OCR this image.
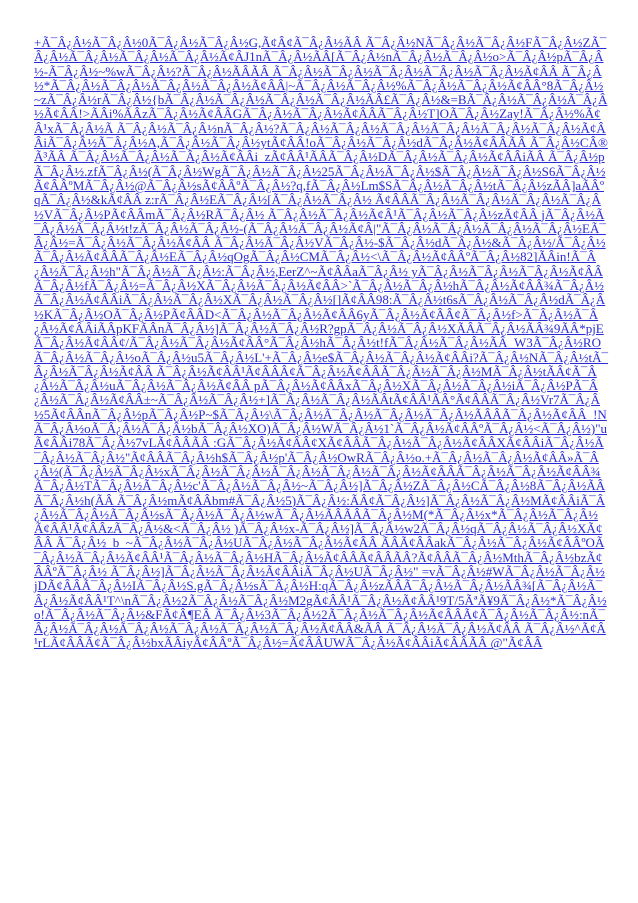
+Ã¯Â¿Â½Ã¯Â¿Â½0Ã¯Â¿Â½Ã¯Â¿Â½G,Ã¢Â¢Ã¯Â¿Â½ÃÂ Ã¯Â¿Â½NÃ¯Â¿Â½Ã¯Â¿Â½FÃ¯Â¿Â½ZÃ¯Â¿Â½Ã¯Â¿Â½Ã¯Â¿Â½Ã¯Â¿Â½Ã¢ÂJ1nÃ¯Â¿Â½ÃÂ[Ã¯Â¿Â½nÃ¯Â¿Â½Ã¯Â¿Â½o>Ã¯Â¿Â½pÃ¯Â¿Â½-Ã¯Â¿Â½~%wÃ¯Â¿Â½?Ã¯Â¿Â½ÃÂÃÂ Ã¯Â¿Â½Ã¯Â¿Â½Ã¯Â¿Â½Ã¯Â¿Â½Ã¯Â¿Â½Ã¢ÂÂ Ã¯Â¿Â½*Ã¯Â¿Â½Ã¯Â¿Â½Ã¯Â¿Â½Ã¯Â¿Â½Ã¢ÂÂ|~Ã¯Â¿Â½Ã¯Â¿Â½%Ã¯Â¿Â½Ã¯Â¿Â½Ã¢ÂÂ°8Ã¯Â¿Â½~zÃ¯Â¿Â½rÃ¯Â¿Â½{bÃ¯Â¿Â½Ã¯Â¿Â½Ã¯Â¿Â½Ã¯Â¿Â½ÃÂ£Ã¯Â¿Â½&=BÃ¯Â¿Â½Ã¯Â¿Â½Ã¯Â¿Â½Ã¢ÂÂ!>ÃÂi%ÃÂzÃ¯Â¿Â½Ã¢ÂÂGÃ¯Â¿Â½Ã¯Â¿Â½Ã¢ÂÂÃ¯Â¿Â½T]OÃ¯Â¿Â½Zay!Ã¯Â¿Â½%Ã¢Â¹xÃ¯Â¿Â½Ã Ã¯Â¿Â½Ã¯Â¿Â½nÃ¯Â¿Â½?Ã¯Â¿Â½Ã¯Â¿Â½Ã¯Â¿Â½Ã¯Â¿Â½Ã¯Â¿Â½Ã¯Â¿Â½Ã¢ÂÂiÃ¯Â¿Â½Ã¯Â¿Â½A,Ã¯Â¿Â½Ã¯Â¿Â½ytÃ¢ÂÂ!oÃ¯Â¿Â½Ã¯Â¿Â½dÃ¯Â¿Â½Ã¢ÂÂÃÂ Ã¯Â¿Â½CÂ®Ã³ÃÂ Ã¯Â¿Â½Ã¯Â¿Â½Ã¯Â¿Â½Ã¢ÂÂi_zÃ¢ÂÂ¹ÃÂÃ¯Â¿Â½DÃ¯Â¿Â½Ã¯Â¿Â½Ã¢ÂÂiÃÂ Ã¯Â¿Â½pÃ¯Â¿Â½.zfÃ¯Â¿Â½(Ã¯Â¿Â½WgÃ¯Â¿Â½Ã¯Â¿Â½25Ã¯Â¿Â½Ã¯Â¿Â½$Ã¯Â¿Â½Ã¯Â¿Â½S6Ã¯Â¿Â½Ã¢ÂÂºMÃ¯Â¿Â½@Ã¯Â¿Â½sÃ¢ÂÂºÃ¯Â¿Â½?q,fÃ¯Â¿Â½Lm$SÃ¯Â¿Â½Ã¯Â¿Â½tÃ¯Â¿Â½zÃÂ]aÃÂºqÃ¯Â¿Â½&kÃ¢ÂÂ z:rÃ¯Â¿Â½EÃ¯Â¿Â½[Ã¯Â¿Â½Ã¯Â¿Â½ Ã¢ÂÂÃ¯Â¿Â½Ã¯Â¿Â½Ã¯Â¿Â½Ã¯Â¿Â½VÃ¯Â¿Â½PÃ¢ÂÂmÃ¯Â¿Â½RÃ¯Â¿Â½ Ã¯Â¿Â½Ã¯Â¿Â½Ã¢Â¹Ã¯Â¿Â½Ã¯Â¿Â½zÃ¢ÂÂ jÃ¯Â¿Â½Ã¯Â¿Â½Ã¯Â¿Â½t!zÃ¯Â¿Â½Ã¯Â¿Â½-(Ã¯Â¿Â½Ã¯Â¿Â½Ã¢Â|"Ã¯Â¿Â½Ã¯Â¿Â½Ã¯Â¿Â½Ã¯Â¿Â½EÃ¯Â¿Â½=Ã¯Â¿Â½Ã¯Â¿Â½Ã¢ÂÂ Ã¯Â¿Â½Ã¯Â¿Â½VÃ¯Â¿Â½-$Ã¯Â¿Â½dÃ¯Â¿Â½&Ã¯Â¿Â½/Ã¯Â¿Â½Ã¯Â¿Â½Ã¢ÂÂÃ¯Â¿Â½EÃ¯Â¿Â½qOgÃ¯Â¿Â½CMÃ¯Â¿Â½<\Ã¯Â¿Â½Ã¢ÂÂºÃ¯Â¿Â½82]ÃÂin!Ã¯Â¿Â½Ã¯Â¿Â½h"Ã¯Â¿Â½Ã¯Â¿Â½:Ã¯Â¿Â½,EerZ^~Ã¢ÂÂaÃ¯Â¿Â½ yÃ¯Â¿Â½Ã¯Â¿Â½Ã¯Â¿Â½Ã¢ÂÂÃ¯Â¿Â½fÃ¯Â¿Â½=Ã¯Â¿Â½XÃ¯Â¿Â½Ã¯Â¿Â½Ã¢ÂÂ>`Ã¯Â¿Â½Ã¯Â¿Â½hÃ¯Â¿Â½Ã¢ÂÂ¾Ã¯Â¿Â½Ã¯Â¿Â½Ã¢ÂÂiÃ¯Â¿Â½Ã¯Â¿Â½XÃ¯Â¿Â½Ã¯Â¿Â½[]Ã¢ÂÂ98:Ã¯Â¿Â½t6sÃ¯Â¿Â½Ã¯Â¿Â½dÃ¯Â¿Â½KÃ¯Â¿Â½OÃ¯Â¿Â½PÃ¢ÂÂD<Ã¯Â¿Â½Ã¯Â¿Â½Ã¢ÂÂ6yÃ¯Â¿Â½Ã¢ÂÂ¢Ã¯Â¿Â½f>Ã¯Â¿Â½Ã¯Â¿Â½Ã¢ÂÂiÃÂpKFÃÂnÃ¯Â¿Â½]Ã¯Â¿Â½Ã¯Â¿Â½R?gpÃ¯Â¿Â½Ã¯Â¿Â½XÃÂÃ¯Â¿Â½ÃÂ¾9ÃÂ*pjEÃ¯Â¿Â½Ã¢ÂÂ¢/Ã¯Â¿Â½Ã¯Â¿Â½Ã¢ÂÂ°Ã¯Â¿Â½hÃ¯Â¿Â½t!fÃ¯Â¿Â½Ã¯Â¿Â½ÃÂ_W3Ã¯Â¿Â½ROÃ¯Â¿Â½Ã¯Â¿Â½oÃ¯Â¿Â½u5Ã¯Â¿Â½L'+Ã¯Â¿Â½e$Ã¯Â¿Â½Ã¯Â¿Â½Ã¢ÂÂi?Ã¯Â¿Â½NÃ¯Â¿Â½tÃ¯Â¿Â½Ã¯Â¿Â½Ã¢ÂÂ Ã¯Â¿Â½Ã¢ÂÂ¹Ã¢ÂÂÂ¢Ã¯Â¿Â½Ã¢ÂÂÃ¯Â¿Â½Ã¯Â¿Â½MÃ¯Â¿Â½tÃÂ¢Ã¯Â¿Â½Ã¯Â¿Â½uÃ¯Â¿Â½Ã¯Â¿Â½Ã¢ÂÂ pÃ¯Â¿Â½Ã¢ÂÂxÃ¯Â¿Â½XÃ¯Â¿Â½Ã¯Â¿Â½iÃ¯Â¿Â½PÃ¯Â¿Â½Ã¯Â¿Â½Ã¢ÂÂ±~Ã¯Â¿Â½Ã¯Â¿Â½+]Ã¯Â¿Â½Ã¯Â¿Â½ÃÂtÃ¢ÂÂ¹ÃÂ°Ã¢ÂÂÃ¯Â¿Â½Vr7Ã¯Â¿Â½5Ã¢ÂÂnÃ¯Â¿Â½pÃ¯Â¿Â½P~$Ã¯Â¿Â½\Ã¯Â¿Â½Ã¯Â¿Â½Ã¯Â¿Â½Ã¯Â¿Â½ÃÂÂÃ¯Â¿Â½Ã¢ÂÂ_!NÃ¯Â¿Â½oÃ¯Â¿Â½Ã¯Â¿Â½bÃ¯Â¿Â½XO)Ã¯Â¿Â½WÃ¯Â¿Â½1`Ã¯Â¿Â½Ã¢ÂÂºÃ¯Â¿Â½<Ã¯Â¿Â½)"uÃ¢ÂÂi78Ã¯Â¿Â½7vLÃ¢ÂÂÃÂ :GÃ¯Â¿Â½Ã¢ÂÂ¢XÃ¢ÂÂÃ¯Â¿Â½Ã¯Â¿Â½Ã¢ÂÂXÃ¢ÂÂiÃ¯Â¿Â½Ã¯Â¿Â½Ã¯Â¿Â½"Ã¢ÂÂÃ¯Â¿Â½h$Ã¯Â¿Â½p'Ã¯Â¿Â½OwRÃ¯Â¿Â½o.+Ã¯Â¿Â½Ã¯Â¿Â½Ã¢ÂÂ»Ã¯Â¿Â½(Ã¯Â¿Â½Ã¯Â¿Â½xÃ¯Â¿Â½Ã¯Â¿Â½Ã¯Â¿Â½Ã¯Â¿Â½Ã¯Â¿Â½Ã¢ÂÂÃ¯Â¿Â½Ã¯Â¿Â½Ã¢ÂÂ¾Ã¯Â¿Â½TÃ¯Â¿Â½Ã¯Â¿Â½c'Ã¯Â¿Â½Ã¯Â¿Â½~Ã¯Â¿Â½]Ã¯Â¿Â½ZÃ¯Â¿Â½CÃ¯Â¿Â½8Ã¯Â¿Â½ÃÂÃ¯Â¿Â½h(ÃÂ Ã¯Â¿Â½mÃ¢ÂÂbm#Ã¯Â¿Â½5)Ã¯Â¿Â½:ÃÂ¢Ã¯Â¿Â½]Ã¯Â¿Â½Ã¯Â¿Â½MÃ¢ÂÂiÃ¯Â¿Â½Ã¯Â¿Â½Ã¯Â¿Â½sÃ¯Â¿Â½Ã¯Â¿Â½wÃ¯Â¿Â½ÃÂÃÂÃ¯Â¿Â½M(*Ã¯Â¿Â½x*Ã¯Â¿Â½Ã¯Â¿Â½Ã¢ÂÂ¹Ã¢ÂÂzÃ¯Â¿Â½&<Ã¯Â¿Â½ )Ã¯Â¿Â½x-Ã¯Â¿Â½]Ã¯Â¿Â½w2Ã¯Â¿Â½qÃ¯Â¿Â½Ã¯Â¿Â½XÃ¢ÂÂ Ã¯Â¿Â½_b_~Ã¯Â¿Â½Ã¯Â¿Â½UÃ¯Â¿Â½Ã¯Â¿Â½Ã¢ÂÂ ÃÂÃ¢ÂÂakÃ¯Â¿Â½Ã¯Â¿Â½Ã¢ÂÂºOÃ¯Â¿Â½Ã¯Â¿Â½Ã¢ÂÂ¹Ã¯Â¿Â½Ã¯Â¿Â½HÃ¯Â¿Â½Ã¢ÂÂÃ¢ÂÂÃÂ?Ã¢ÂÂÃ¯Â¿Â½MthÃ¯Â¿Â½bzÃ¢ÂÂºÃ¯Â¿Â½ Ã¯Â¿Â½]Ã¯Â¿Â½Ã¯Â¿Â½Ã¢ÂÂiÃ¯Â¿Â½UÃ¯Â¿Â½" =vÃ¯Â¿Â½#WÃ¯Â¿Â½Ã¯Â¿Â½jDÃ¢ÂÂÃ¯Â¿Â½IÃ¯Â¿Â½S.gÃ¯Â¿Â½sÃ¯Â¿Â½H:qÃ¯Â¿Â½zÃÂÃ¯Â¿Â½Ã¯Â¿Â½ÃÂ¾[Ã¯Â¿Â½Ã¯Â¿Â½Ã¢ÂÂ¹T^\nÃ¯Â¿Â½2Ã¯Â¿Â½Ã¯Â¿Â½M2gÃ¢ÂÂ¹Ã¯Â¿Â½Ã¢ÂÂ¹9T/5ÃªÃ¥9Ã¯Â¿Â½*Ã¯Â¿Â½o!Ã¯Â¿Â½Ã¯Â¿Â½&FÃ¢Â¶EÂ Ã¯Â¿Â½3Ã¯Â¿Â½2Ã¯Â¿Â½Ã¯Â¿Â½Ã¢ÂÂÃ¢Ã¯Â¿Â½Ã¯Â¿Â½:nÃ¯Â¿Â½Ã¯Â¿Â½Ã¯Â¿Â½Ã¯Â¿Â½Ã¯Â¿Â½Ã¯Â¿Â½Ã¢ÂÂ&ÃÂ Ã¯Â¿Â½Ã¯Â¿Â½Ã¢ÂÂ Ã¯Â¿Â½^Ã¢Â¹rLÃ¢ÂÂÃ¢Ã¯Â¿Â½bxÃÂiyÃ¢ÂÂºÃ¯Â¿Â½=Ã¢ÂÂUWÃ¯Â¿Â½Ã¢ÂÂiÃ¢ÂÂÃÂ @"Ã¢ÂÂ
